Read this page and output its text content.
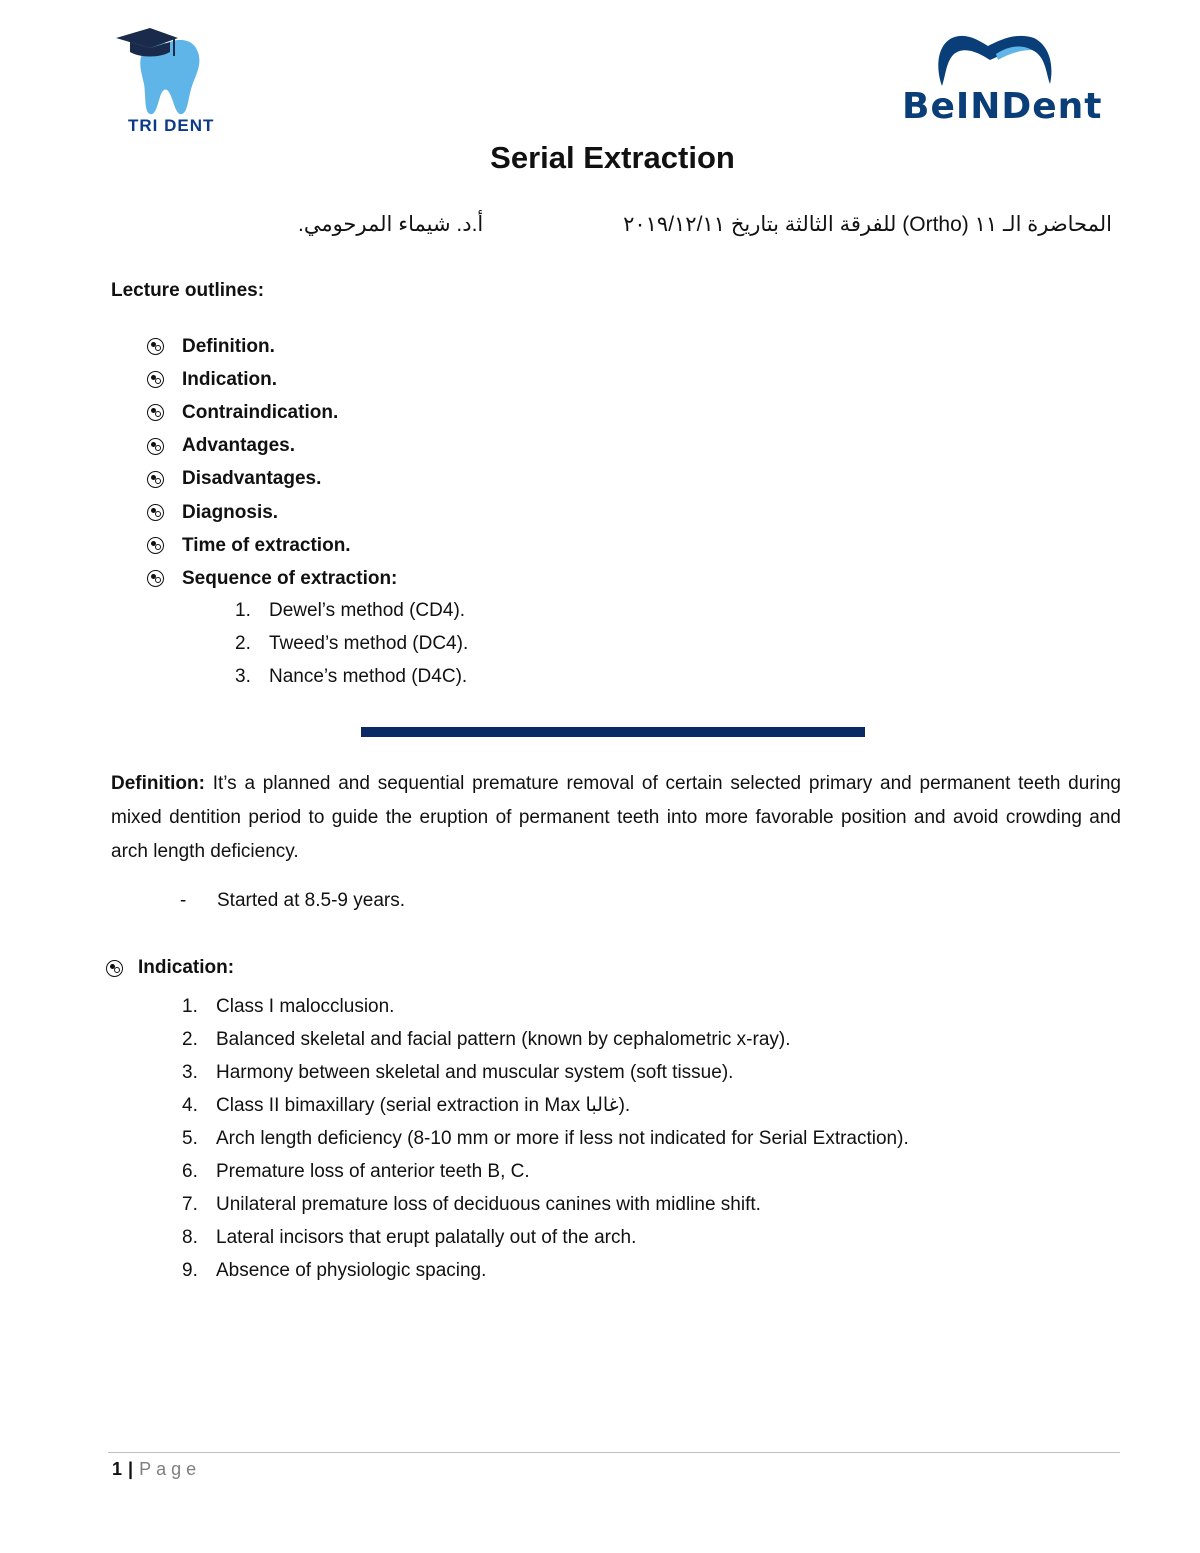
TRI DENT	BeINDent
Serial Extraction
المحاضرة الـ ١١ (Ortho) للفرقة الثالثة بتاريخ ٢٠١٩/١٢/١١
أ.د. شيماء المرحومي.
Lecture outlines:
Definition.
Indication.
Contraindication.
Advantages.
Disadvantages.
Diagnosis.
Time of extraction.
Sequence of extraction:
1. Dewel’s method (CD4).
2. Tweed’s method (DC4).
3. Nance’s method (D4C).
Definition: It’s a planned and sequential premature removal of certain selected primary and permanent teeth during mixed dentition period to guide the eruption of permanent teeth into more favorable position and avoid crowding and arch length deficiency.
-	Started at 8.5-9 years.
Indication:
1. Class I malocclusion.
2. Balanced skeletal and facial pattern (known by cephalometric x-ray).
3. Harmony between skeletal and muscular system (soft tissue).
4. Class II bimaxillary (serial extraction in Max غالبا).
5. Arch length deficiency (8-10 mm or more if less not indicated for Serial Extraction).
6. Premature loss of anterior teeth B, C.
7. Unilateral premature loss of deciduous canines with midline shift.
8. Lateral incisors that erupt palatally out of the arch.
9. Absence of physiologic spacing.
1 | Page
